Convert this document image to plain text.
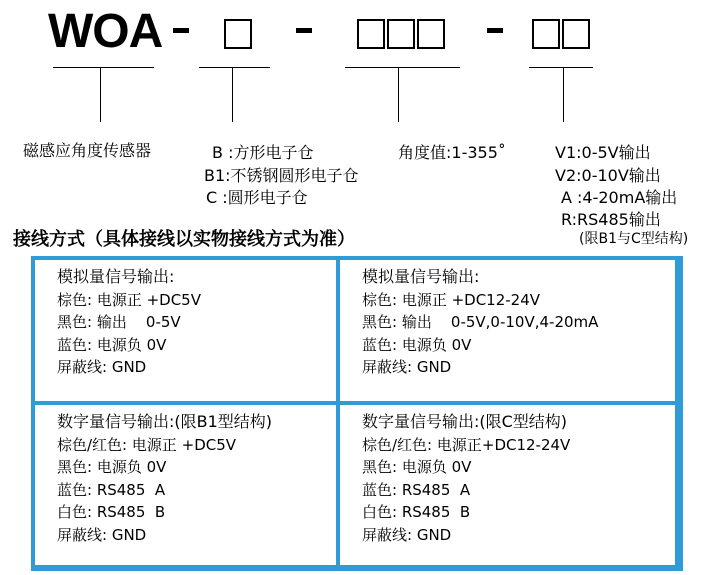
WOA
磁感应角度传感器	B :方形电子仓
B1:不锈钢圆形电子仓
C :圆形电子仓
角度值:1-355˚	V1:0-5V输出
V2:0-10V输出
A :4-20mA输出
R:RS485输出
(限B1与C型结构)
接线方式（具体接线以实物接线方式为准）
模拟量信号输出:
棕色: 电源正 +DC5V
黑色: 输出    0-5V
蓝色: 电源负 0V
屏蔽线: GND
模拟量信号输出:
棕色: 电源正 +DC12-24V
黑色: 输出    0-5V,0-10V,4-20mA
蓝色: 电源负 0V
屏蔽线: GND
数字量信号输出:(限B1型结构)
棕色/红色: 电源正 +DC5V
黑色: 电源负 0V
蓝色: RS485  A
白色: RS485  B
屏蔽线: GND
数字量信号输出:(限C型结构)
棕色/红色: 电源正+DC12-24V
黑色: 电源负 0V
蓝色: RS485  A
白色: RS485  B
屏蔽线: GND
